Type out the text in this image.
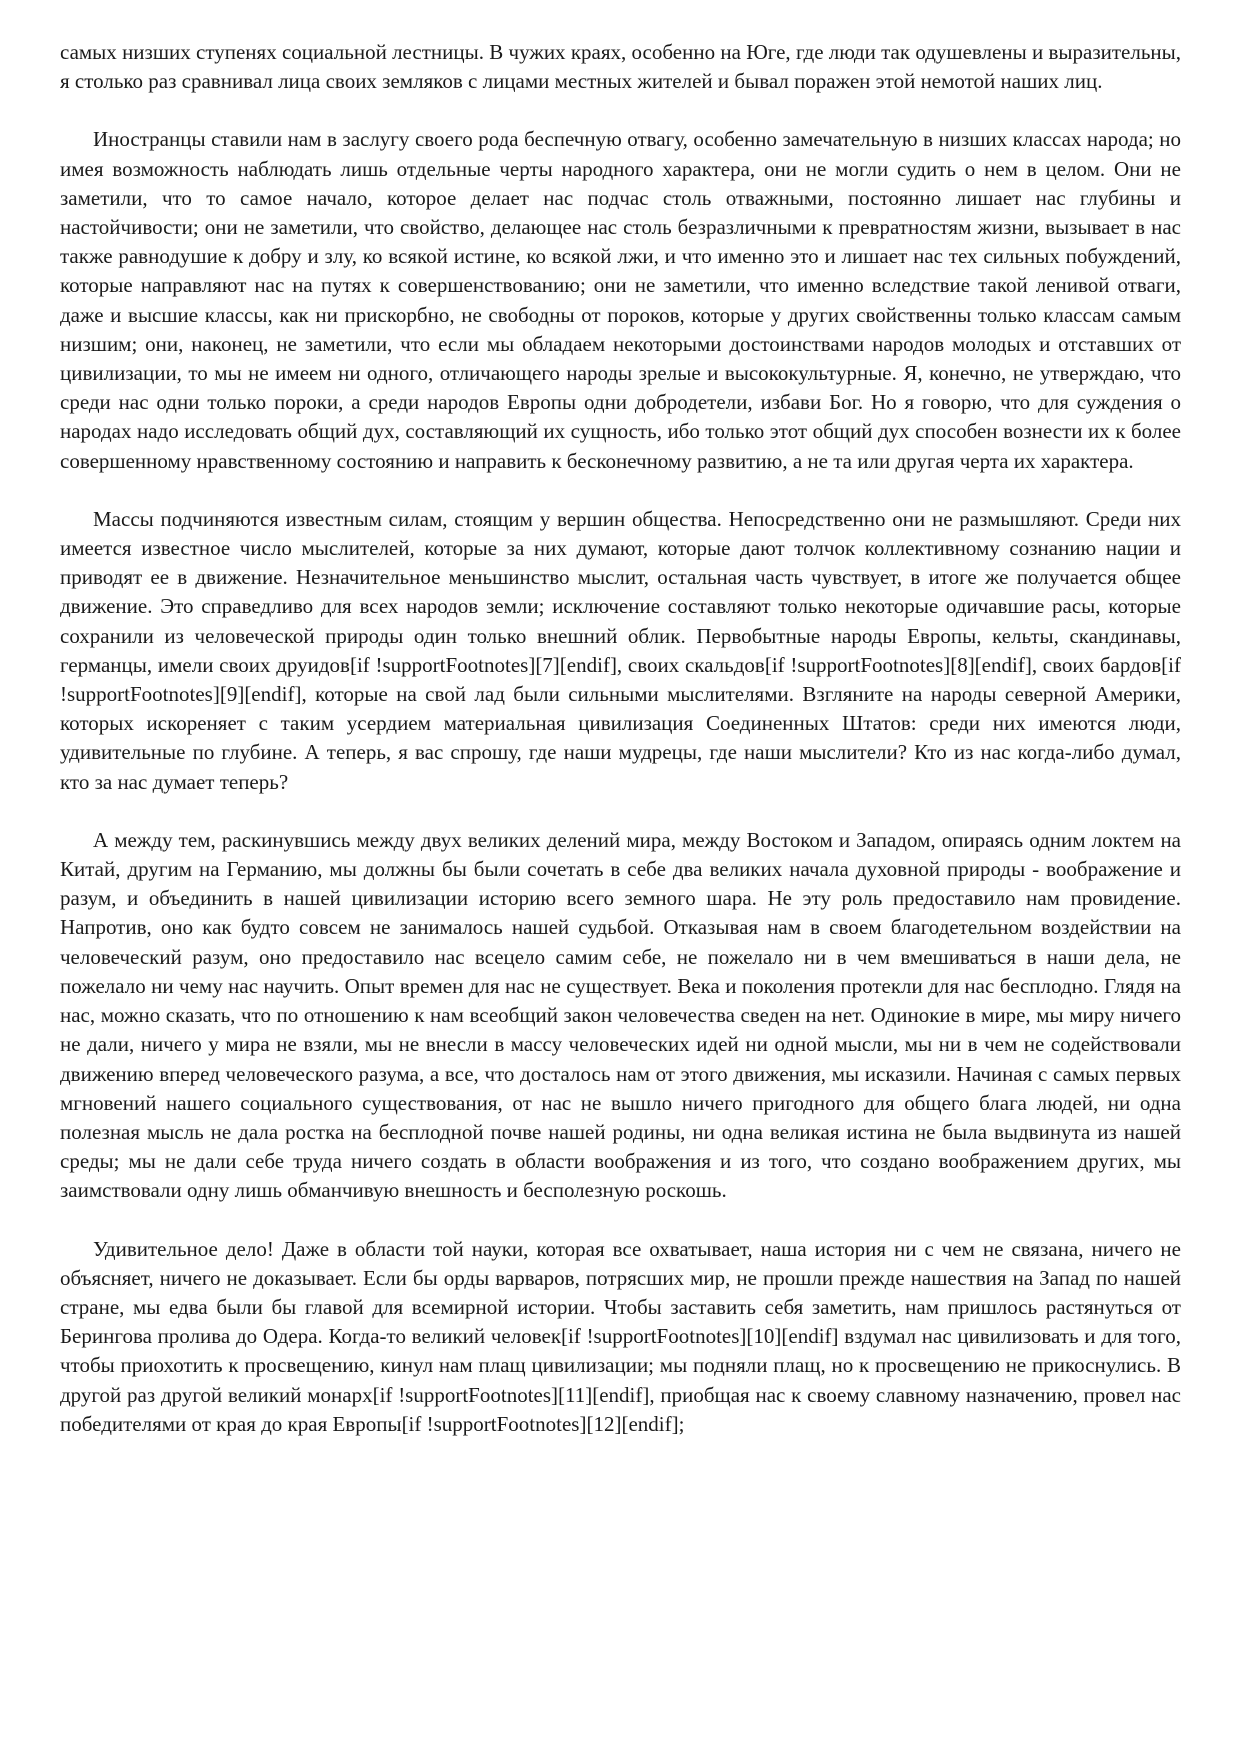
самых низших ступенях социальной лестницы. В чужих краях, особенно на Юге, где люди так одушевлены и выразительны, я столько раз сравнивал лица своих земляков с лицами местных жителей и бывал поражен этой немотой наших лиц.

Иностранцы ставили нам в заслугу своего рода беспечную отвагу, особенно замечательную в низших классах народа; но имея возможность наблюдать лишь отдельные черты народного характера, они не могли судить о нем в целом. Они не заметили, что то самое начало, которое делает нас подчас столь отважными, постоянно лишает нас глубины и настойчивости; они не заметили, что свойство, делающее нас столь безразличными к превратностям жизни, вызывает в нас также равнодушие к добру и злу, ко всякой истине, ко всякой лжи, и что именно это и лишает нас тех сильных побуждений, которые направляют нас на путях к совершенствованию; они не заметили, что именно вследствие такой ленивой отваги, даже и высшие классы, как ни прискорбно, не свободны от пороков, которые у других свойственны только классам самым низшим; они, наконец, не заметили, что если мы обладаем некоторыми достоинствами народов молодых и отставших от цивилизации, то мы не имеем ни одного, отличающего народы зрелые и высококультурные. Я, конечно, не утверждаю, что среди нас одни только пороки, а среди народов Европы одни добродетели, избави Бог. Но я говорю, что для суждения о народах надо исследовать общий дух, составляющий их сущность, ибо только этот общий дух способен вознести их к более совершенному нравственному состоянию и направить к бесконечному развитию, а не та или другая черта их характера.

Массы подчиняются известным силам, стоящим у вершин общества. Непосредственно они не размышляют. Среди них имеется известное число мыслителей, которые за них думают, которые дают толчок коллективному сознанию нации и приводят ее в движение. Незначительное меньшинство мыслит, остальная часть чувствует, в итоге же получается общее движение. Это справедливо для всех народов земли; исключение составляют только некоторые одичавшие расы, которые сохранили из человеческой природы один только внешний облик. Первобытные народы Европы, кельты, скандинавы, германцы, имели своих друидов[if !supportFootnotes][7][endif], своих скальдов[if !supportFootnotes][8][endif], своих бардов[if !supportFootnotes][9][endif], которые на свой лад были сильными мыслителями. Взгляните на народы северной Америки, которых искореняет с таким усердием материальная цивилизация Соединенных Штатов: среди них имеются люди, удивительные по глубине. А теперь, я вас спрошу, где наши мудрецы, где наши мыслители? Кто из нас когда-либо думал, кто за нас думает теперь?

А между тем, раскинувшись между двух великих делений мира, между Востоком и Западом, опираясь одним локтем на Китай, другим на Германию, мы должны бы были сочетать в себе два великих начала духовной природы - воображение и разум, и объединить в нашей цивилизации историю всего земного шара. Не эту роль предоставило нам провидение. Напротив, оно как будто совсем не занималось нашей судьбой. Отказывая нам в своем благодетельном воздействии на человеческий разум, оно предоставило нас всецело самим себе, не пожелало ни в чем вмешиваться в наши дела, не пожелало ни чему нас научить. Опыт времен для нас не существует. Века и поколения протекли для нас бесплодно. Глядя на нас, можно сказать, что по отношению к нам всеобщий закон человечества сведен на нет. Одинокие в мире, мы миру ничего не дали, ничего у мира не взяли, мы не внесли в массу человеческих идей ни одной мысли, мы ни в чем не содействовали движению вперед человеческого разума, а все, что досталось нам от этого движения, мы исказили. Начиная с самых первых мгновений нашего социального существования, от нас не вышло ничего пригодного для общего блага людей, ни одна полезная мысль не дала ростка на бесплодной почве нашей родины, ни одна великая истина не была выдвинута из нашей среды; мы не дали себе труда ничего создать в области воображения и из того, что создано воображением других, мы заимствовали одну лишь обманчивую внешность и бесполезную роскошь.

Удивительное дело! Даже в области той науки, которая все охватывает, наша история ни с чем не связана, ничего не объясняет, ничего не доказывает. Если бы орды варваров, потрясших мир, не прошли прежде нашествия на Запад по нашей стране, мы едва были бы главой для всемирной истории. Чтобы заставить себя заметить, нам пришлось растянуться от Берингова пролива до Одера. Когда-то великий человек[if !supportFootnotes][10][endif] вздумал нас цивилизовать и для того, чтобы приохотить к просвещению, кинул нам плащ цивилизации; мы подняли плащ, но к просвещению не прикоснулись. В другой раз другой великий монарх[if !supportFootnotes][11][endif], приобщая нас к своему славному назначению, провел нас победителями от края до края Европы[if !supportFootnotes][12][endif];
